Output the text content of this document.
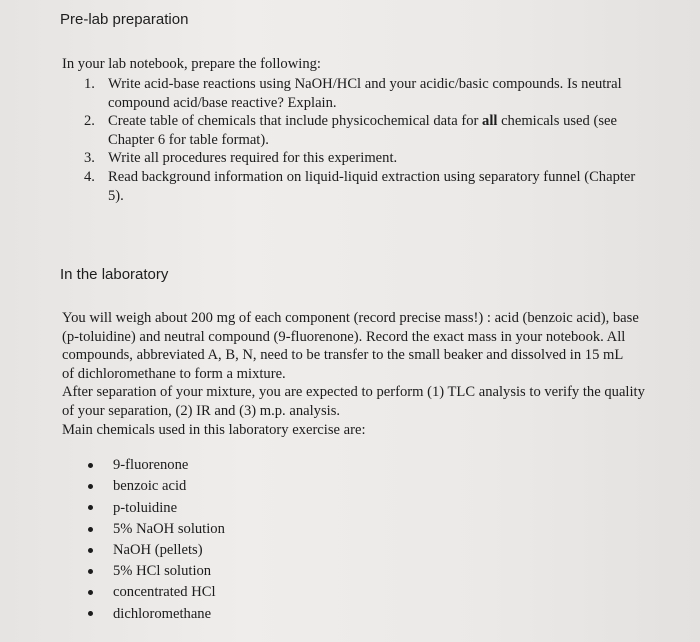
Pre-lab preparation

In your lab notebook, prepare the following:

1. Write acid-base reactions using NaOH/HCl and your acidic/basic compounds. Is neutral
compound acid/base reactive? Explain.
2. Create table of chemicals that include physicochemical data for all chemicals used (see
Chapter 6 for table format).
3. Write all procedures required for this experiment.
4. Read background information on liquid-liquid extraction using separatory funnel (Chapter
5).
In the laboratory

You will weigh about 200 mg of each component (record precise mass!) : acid (benzoic acid), base
(p-toluidine) and neutral compound (9-fluorenone). Record the exact mass in your notebook. All
compounds, abbreviated A, B, N, need to be transfer to the small beaker and dissolved in 15 mL
of dichloromethane to form a mixture.
After separation of your mixture, you are expected to perform (1) TLC analysis to verify the quality
of your separation, (2) IR and (3) m.p. analysis.
Main chemicals used in this laboratory exercise are:

9-fluorenone
benzoic acid
p-toluidine
5% NaOH solution
NaOH (pellets)
5% HCl solution
concentrated HCl
dichloromethane
